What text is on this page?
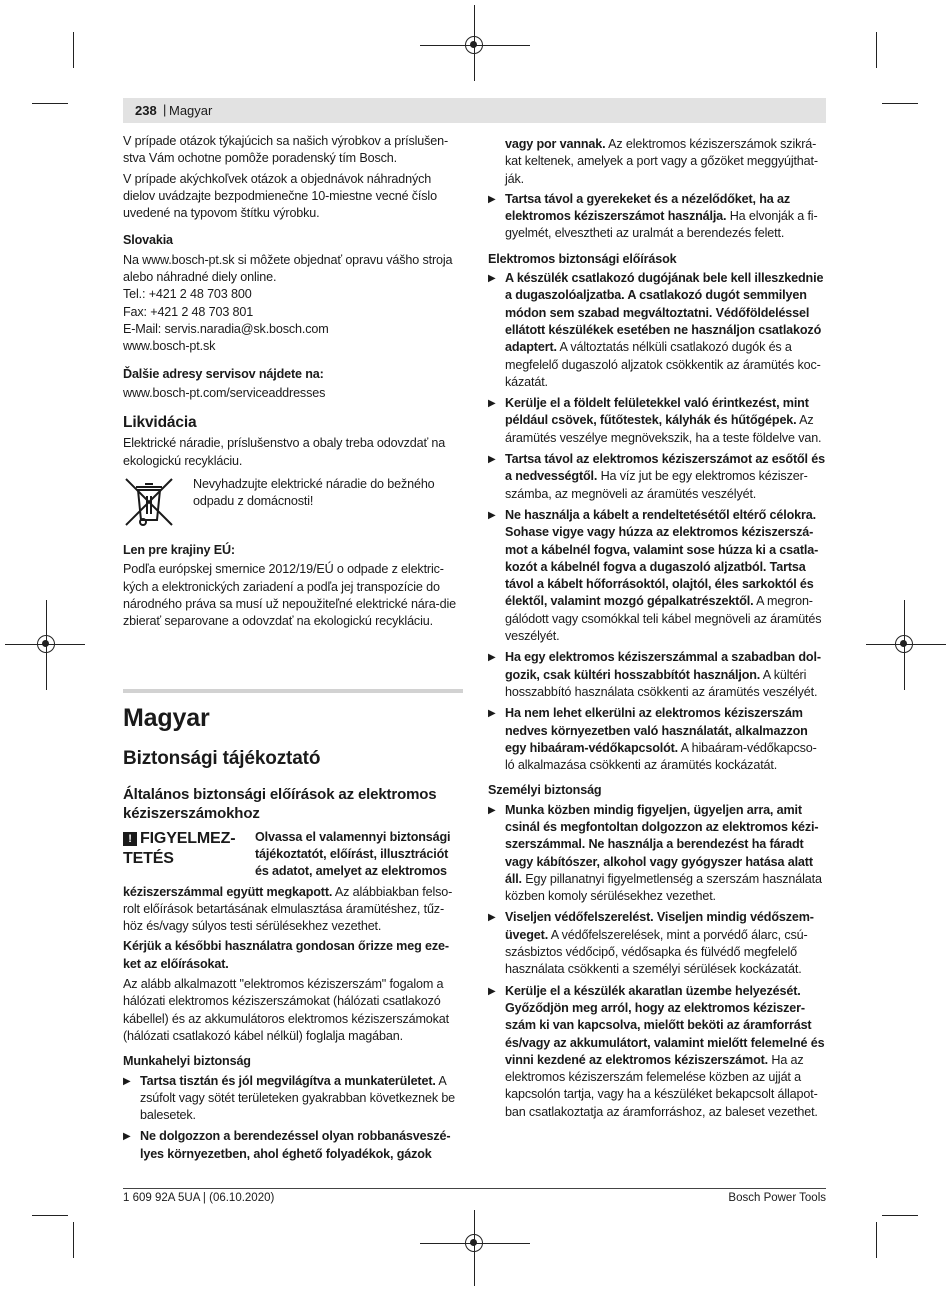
238 | Magyar

V prípade otázok týkajúcich sa našich výrobkov a príslušen-stva Vám ochotne pomôže poradenský tím Bosch.

V prípade akýchkoľvek otázok a objednávok náhradných dielov uvádzajte bezpodmienečne 10-miestne vecné číslo uvedené na typovom štítku výrobku.

Slovakia

Na www.bosch-pt.sk si môžete objednať opravu vášho stroja alebo náhradné diely online.

Tel.: +421 2 48 703 800

Fax: +421 2 48 703 801

E-Mail: servis.naradia@sk.bosch.com

www.bosch-pt.sk

Ďalšie adresy servisov nájdete na:

www.bosch-pt.com/serviceaddresses

Likvidácia

Elektrické náradie, príslušenstvo a obaly treba odovzdať na ekologickú recykláciu.

Nevyhadzujte elektrické náradie do bežného odpadu z domácnosti!

Len pre krajiny EÚ:

Podľa európskej smernice 2012/19/EÚ o odpade z elektric-kých a elektronických zariadení a podľa jej transpozície do národného práva sa musí už nepoužiteľné elektrické nára-die zbierať separovane a odovzdať na ekologickú recykláciu.

Magyar
Biztonsági tájékoztató
Általános biztonsági előírások az elektromos kéziszerszámokhoz
! FIGYELMEZ-TETÉS
Olvassa el valamennyi biztonsági tájékoztatót, előírást, illusztrációt és adatot, amelyet az elektromos

kéziszerszámmal együtt megkapott. Az alábbiakban felso-rolt előírások betartásának elmulasztása áramütéshez, tűz-höz és/vagy súlyos testi sérülésekhez vezethet.

Kérjük a későbbi használatra gondosan őrizze meg eze-ket az előírásokat.

Az alább alkalmazott "elektromos kéziszerszám" fogalom a hálózati elektromos kéziszerszámokat (hálózati csatlakozó kábellel) és az akkumulátoros elektromos kéziszerszámokat (hálózati csatlakozó kábel nélkül) foglalja magában.

Munkahelyi biztonság

▶ Tartsa tisztán és jól megvilágítva a munkaterületet. A zsúfolt vagy sötét területeken gyakrabban következnek be balesetek.
▶ Ne dolgozzon a berendezéssel olyan robbanásveszé-lyes környezetben, ahol éghető folyadékok, gázok

vagy por vannak. Az elektromos kéziszerszámok szikrá-kat keltenek, amelyek a port vagy a gőzöket meggyújthat-ják.

▶ Tartsa távol a gyerekeket és a nézelődőket, ha az elektromos kéziszerszámot használja. Ha elvonják a fi-gyelmét, elvesztheti az uralmát a berendezés felett.

Elektromos biztonsági előírások

▶ A készülék csatlakozó dugójának bele kell illeszkednie a dugaszolóaljzatba. A csatlakozó dugót semmilyen módon sem szabad megváltoztatni. Védőföldeléssel ellátott készülékek esetében ne használjon csatlakozó adaptert. A változtatás nélküli csatlakozó dugók és a megfelelő dugaszoló aljzatok csökkentik az áramütés koc-kázatát.
▶ Kerülje el a földelt felületekkel való érintkezést, mint például csövek, fűtőtestek, kályhák és hűtőgépek. Az áramütés veszélye megnövekszik, ha a teste földelve van.
▶ Tartsa távol az elektromos kéziszerszámot az esőtől és a nedvességtől. Ha víz jut be egy elektromos kéziszer-számba, az megnöveli az áramütés veszélyét.
▶ Ne használja a kábelt a rendeltetésétől eltérő célokra. Sohase vigye vagy húzza az elektromos kéziszerszá-mot a kábelnél fogva, valamint sose húzza ki a csatla-kozót a kábelnél fogva a dugaszoló aljzatból. Tartsa távol a kábelt hőforrásoktól, olajtól, éles sarkoktól és élektől, valamint mozgó gépalkatrészektől. A megron-gálódott vagy csomókkal teli kábel megnöveli az áramütés veszélyét.
▶ Ha egy elektromos kéziszerszámmal a szabadban dol-gozik, csak kültéri hosszabbítót használjon. A kültéri hosszabbító használata csökkenti az áramütés veszélyét.
▶ Ha nem lehet elkerülni az elektromos kéziszerszám nedves környezetben való használatát, alkalmazzon egy hibaáram-védőkapcsolót. A hibaáram-védőkapcso-ló alkalmazása csökkenti az áramütés kockázatát.

Személyi biztonság

▶ Munka közben mindig figyeljen, ügyeljen arra, amit csinál és megfontoltan dolgozzon az elektromos kézi-szerszámmal. Ne használja a berendezést ha fáradt vagy kábítószer, alkohol vagy gyógyszer hatása alatt áll. Egy pillanatnyi figyelmetlenség a szerszám használata közben komoly sérülésekhez vezethet.
▶ Viseljen védőfelszerelést. Viseljen mindig védőszem-üveget. A védőfelszerelések, mint a porvédő álarc, csú-szásbiztos védőcipő, védősapka és fülvédő megfelelő használata csökkenti a személyi sérülések kockázatát.
▶ Kerülje el a készülék akaratlan üzembe helyezését. Győződjön meg arról, hogy az elektromos kéziszer-szám ki van kapcsolva, mielőtt beköti az áramforrást és/vagy az akkumulátort, valamint mielőtt felemelné és vinni kezdené az elektromos kéziszerszámot. Ha az elektromos kéziszerszám felemelése közben az ujját a kapcsolón tartja, vagy ha a készüléket bekapcsolt állapot-ban csatlakoztatja az áramforráshoz, az baleset vezethet.
1 609 92A 5UA | (06.10.2020)	Bosch Power Tools
